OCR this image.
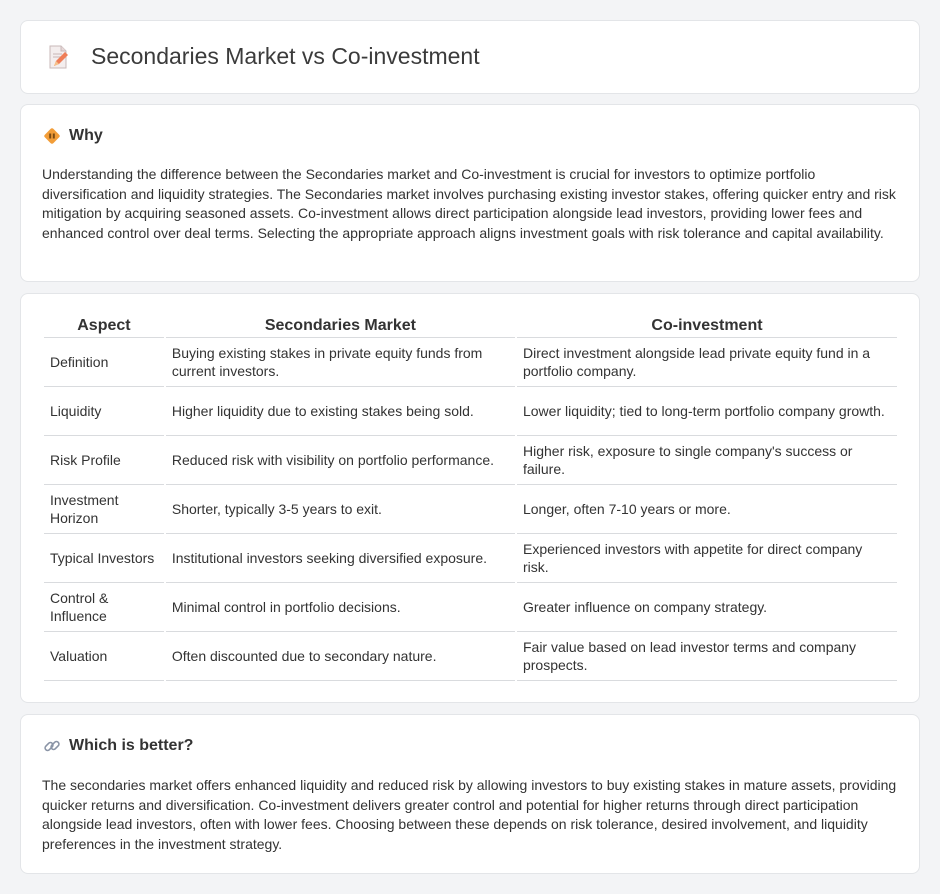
Secondaries Market vs Co-investment
Why

Understanding the difference between the Secondaries market and Co-investment is crucial for investors to optimize portfolio diversification and liquidity strategies. The Secondaries market involves purchasing existing investor stakes, offering quicker entry and risk mitigation by acquiring seasoned assets. Co-investment allows direct participation alongside lead investors, providing lower fees and enhanced control over deal terms. Selecting the appropriate approach aligns investment goals with risk tolerance and capital availability.

Aspect	Secondaries Market	Co-investment
Definition	Buying existing stakes in private equity funds from current investors.	Direct investment alongside lead private equity fund in a portfolio company.
Liquidity	Higher liquidity due to existing stakes being sold.	Lower liquidity; tied to long-term portfolio company growth.
Risk Profile	Reduced risk with visibility on portfolio performance.	Higher risk, exposure to single company's success or failure.
Investment Horizon	Shorter, typically 3-5 years to exit.	Longer, often 7-10 years or more.
Typical Investors	Institutional investors seeking diversified exposure.	Experienced investors with appetite for direct company risk.
Control & Influence	Minimal control in portfolio decisions.	Greater influence on company strategy.
Valuation	Often discounted due to secondary nature.	Fair value based on lead investor terms and company prospects.
Which is better?

The secondaries market offers enhanced liquidity and reduced risk by allowing investors to buy existing stakes in mature assets, providing quicker returns and diversification. Co-investment delivers greater control and potential for higher returns through direct participation alongside lead investors, often with lower fees. Choosing between these depends on risk tolerance, desired involvement, and liquidity preferences in the investment strategy.
